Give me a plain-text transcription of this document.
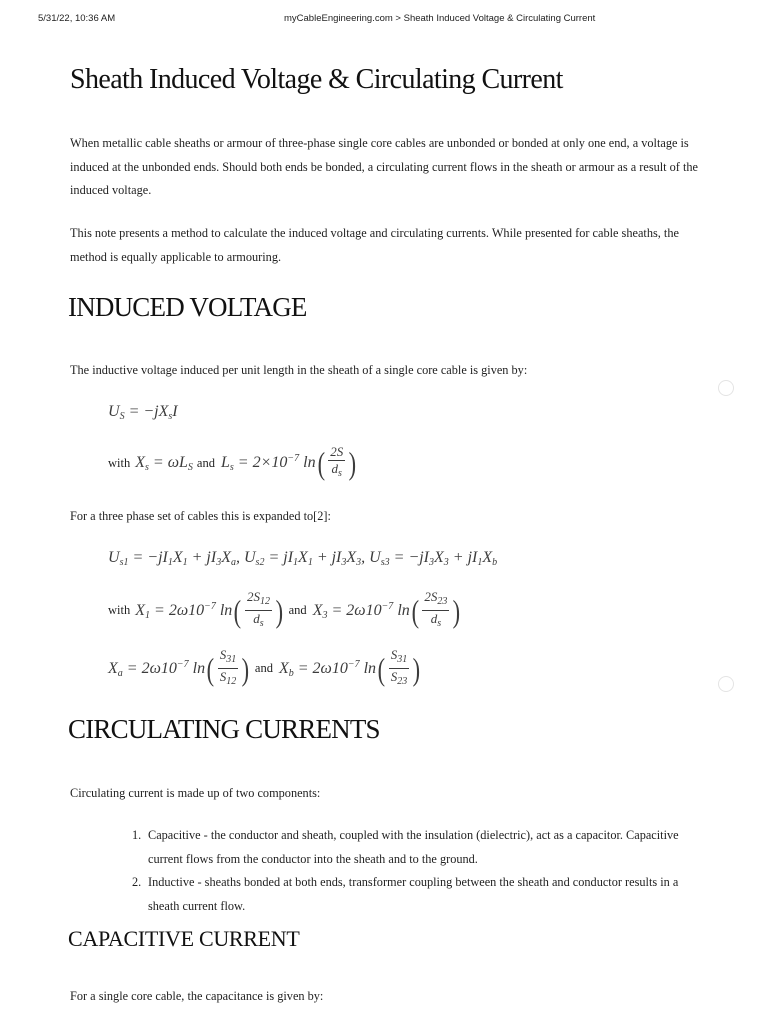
5/31/22, 10:36 AM	myCableEngineering.com > Sheath Induced Voltage & Circulating Current
Sheath Induced Voltage & Circulating Current

When metallic cable sheaths or armour of three-phase single core cables are unbonded or bonded at only one end, a voltage is induced at the unbonded ends. Should both ends be bonded, a circulating current flows in the sheath or armour as a result of the induced voltage.

This note presents a method to calculate the induced voltage and circulating currents. While presented for cable sheaths, the method is equally applicable to armouring.

INDUCED VOLTAGE

The inductive voltage induced per unit length in the sheath of a single core cable is given by:

$U_S = -jX_sI$
with $X_s = \omega L_S$ and $L_s = 2\times 10^{-7}$ ln ( $\frac{2S}{d_s}$ )

For a three phase set of cables this is expanded to[2]:

$U_{s1} = -jI_1X_1 + jI_3X_a$, $U_{s2} = jI_1X_1 + jI_3X_3$, $U_{s3} = -jI_3X_3 + jI_1X_b$
with $X_1 = 2\omega 10^{-7}$ ln ( $\frac{2S_{12}}{d_s}$ ) and $X_3 = 2\omega 10^{-7}$ ln ( $\frac{2S_{23}}{d_s}$ )
$X_a = 2\omega 10^{-7}$ ln ( $\frac{S_{31}}{S_{12}}$ ) and $X_b = 2\omega 10^{-7}$ ln ( $\frac{S_{31}}{S_{23}}$ )
CIRCULATING CURRENTS

Circulating current is made up of two components:

1. Capacitive - the conductor and sheath, coupled with the insulation (dielectric), act as a capacitor. Capacitive current flows from the conductor into the sheath and to the ground.
2. Inductive - sheaths bonded at both ends, transformer coupling between the sheath and conductor results in a sheath current flow.
CAPACITIVE CURRENT

For a single core cable, the capacitance is given by:
